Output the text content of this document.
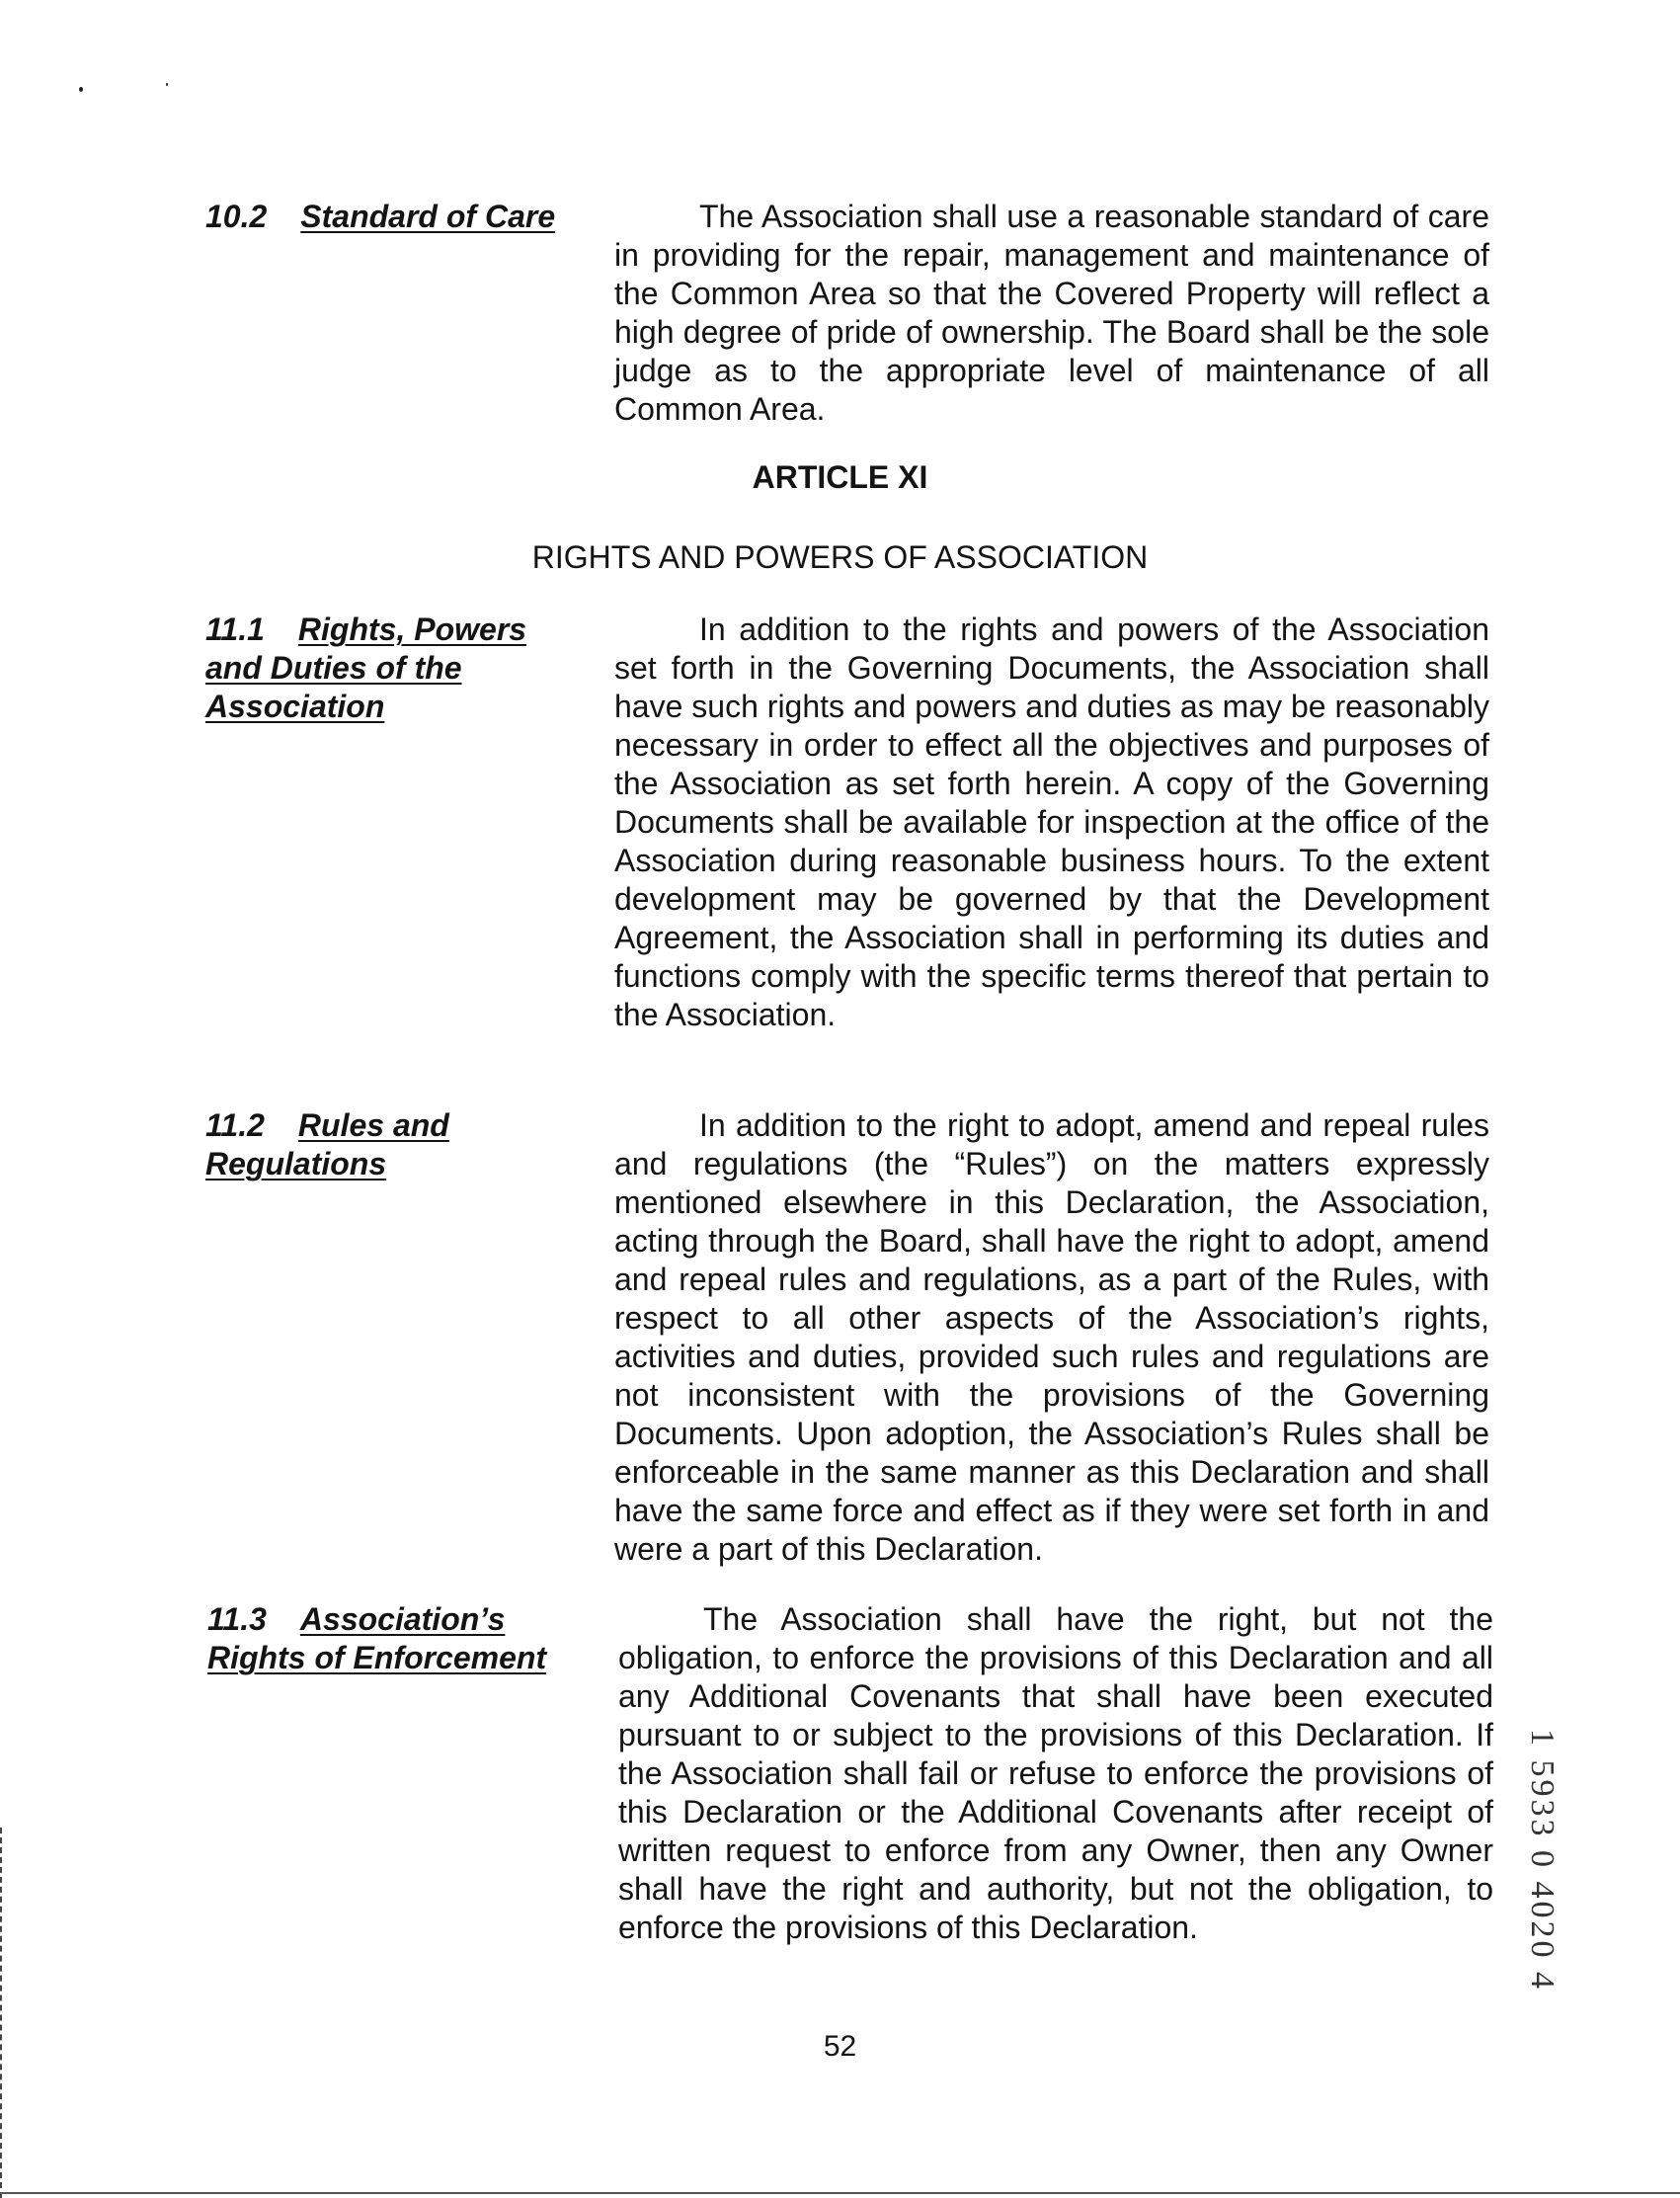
10.2 Standard of Care	The Association shall use a reasonable standard of care in providing for the repair, management and maintenance of the Common Area so that the Covered Property will reflect a high degree of pride of ownership. The Board shall be the sole judge as to the appropriate level of maintenance of all Common Area.
ARTICLE XI
RIGHTS AND POWERS OF ASSOCIATION
11.1 Rights, Powers and Duties of the Association
In addition to the rights and powers of the Association set forth in the Governing Documents, the Association shall have such rights and powers and duties as may be reasonably necessary in order to effect all the objectives and purposes of the Association as set forth herein. A copy of the Governing Documents shall be available for inspection at the office of the Association during reasonable business hours. To the extent development may be governed by that the Development Agreement, the Association shall in performing its duties and functions comply with the specific terms thereof that pertain to the Association.
11.2 Rules and Regulations
In addition to the right to adopt, amend and repeal rules and regulations (the “Rules”) on the matters expressly mentioned elsewhere in this Declaration, the Association, acting through the Board, shall have the right to adopt, amend and repeal rules and regulations, as a part of the Rules, with respect to all other aspects of the Association’s rights, activities and duties, provided such rules and regulations are not inconsistent with the provisions of the Governing Documents. Upon adoption, the Association’s Rules shall be enforceable in the same manner as this Declaration and shall have the same force and effect as if they were set forth in and were a part of this Declaration.
11.3 Association’s Rights of Enforcement
The Association shall have the right, but not the obligation, to enforce the provisions of this Declaration and all any Additional Covenants that shall have been executed pursuant to or subject to the provisions of this Declaration. If the Association shall fail or refuse to enforce the provisions of this Declaration or the Additional Covenants after receipt of written request to enforce from any Owner, then any Owner shall have the right and authority, but not the obligation, to enforce the provisions of this Declaration.
52
1 5933 0 4020 4
